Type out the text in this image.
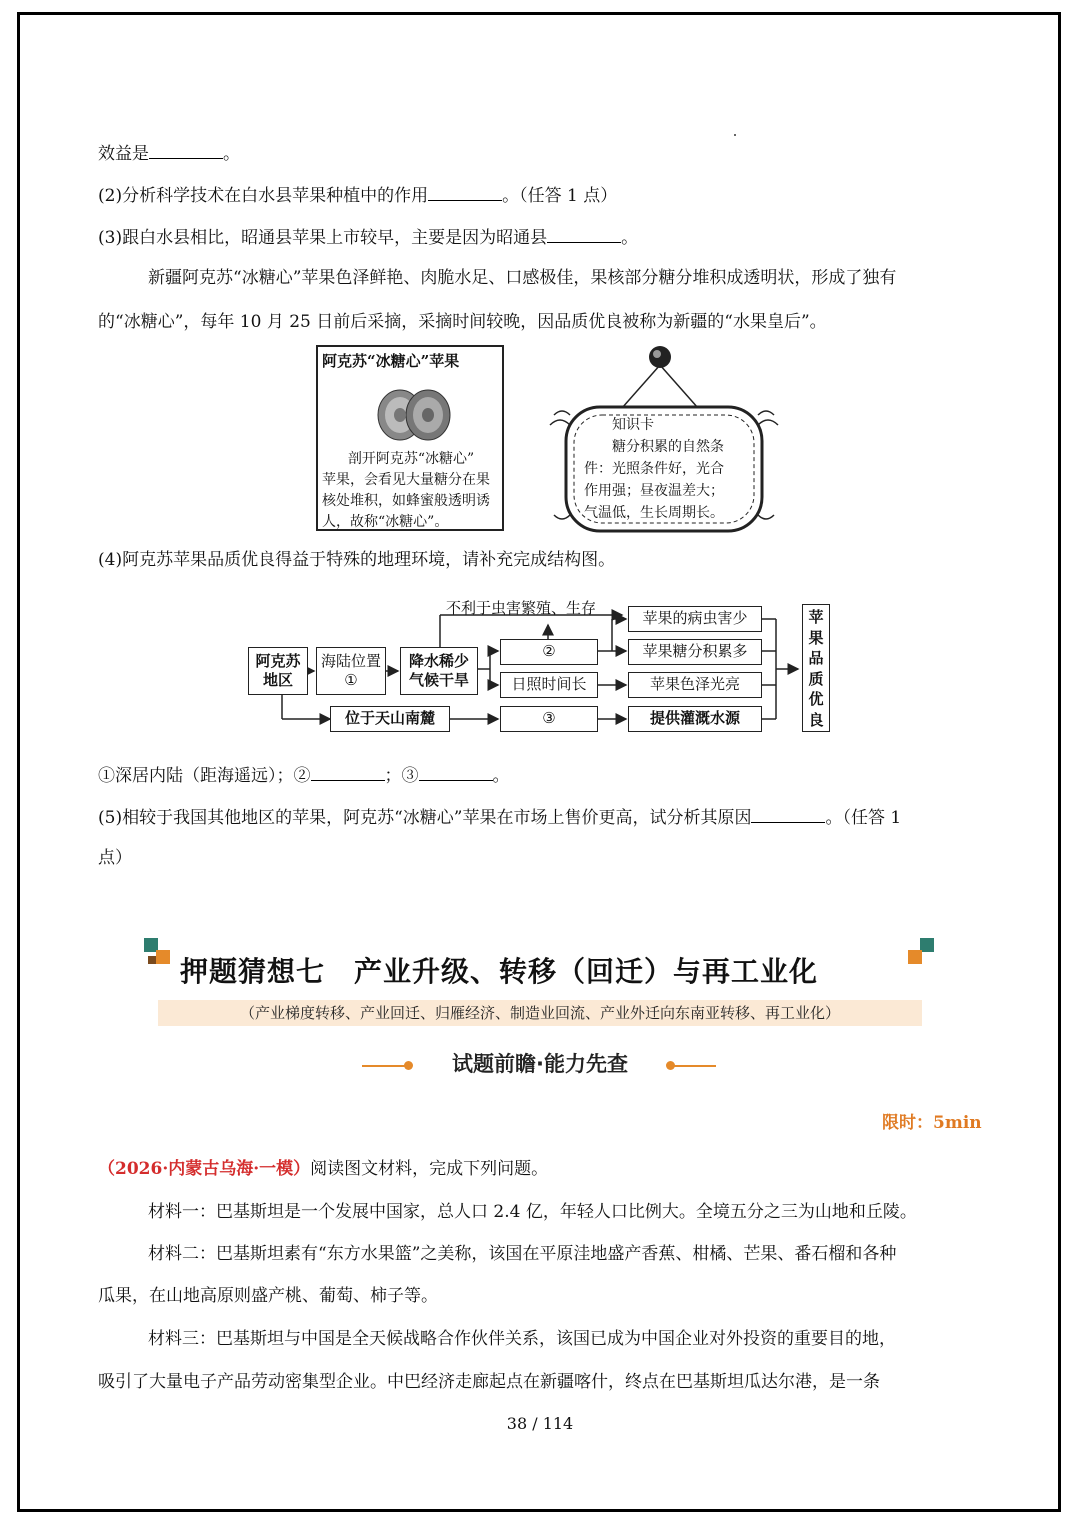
效益是	。
(2)分析科学技术在白水县苹果种植中的作用	。（任答 1 点）
(3)跟白水县相比，昭通县苹果上市较早，主要是因为昭通县	。
新疆阿克苏“冰糖心”苹果色泽鲜艳、肉脆水足、口感极佳，果核部分糖分堆积成透明状，形成了独有
的“冰糖心”，每年 10 月 25 日前后采摘，采摘时间较晚，因品质优良被称为新疆的“水果皇后”。
阿克苏“冰糖心”苹果
剖开阿克苏“冰糖心”
苹果，会看见大量糖分在果
核处堆积，如蜂蜜般透明诱
人，故称“冰糖心”。
知识卡
糖分积累的自然条
件：光照条件好，光合
作用强；昼夜温差大；
气温低，生长周期长。
(4)阿克苏苹果品质优良得益于特殊的地理环境，请补充完成结构图。
不利于虫害繁殖、生存
阿克苏
地区
海陆位置
①
降水稀少
气候干旱
②
日照时间长
位于天山南麓	③
苹果的病虫害少
苹果糖分积累多
苹果色泽光亮
提供灌溉水源
苹
果
品
质
优
良
①深居内陆（距海遥远）；②	；③	。
(5)相较于我国其他地区的苹果，阿克苏“冰糖心”苹果在市场上售价更高，试分析其原因	。（任答 1
点）
押题猜想七　产业升级、转移（回迁）与再工业化
（产业梯度转移、产业回迁、归雁经济、制造业回流、产业外迁向东南亚转移、再工业化）
试题前瞻·能力先查
限时：5min
（2026·内蒙古乌海·一模）阅读图文材料，完成下列问题。
材料一：巴基斯坦是一个发展中国家，总人口 2.4 亿，年轻人口比例大。全境五分之三为山地和丘陵。
材料二：巴基斯坦素有“东方水果篮”之美称，该国在平原洼地盛产香蕉、柑橘、芒果、番石榴和各种
瓜果，在山地高原则盛产桃、葡萄、柿子等。
材料三：巴基斯坦与中国是全天候战略合作伙伴关系，该国已成为中国企业对外投资的重要目的地，
吸引了大量电子产品劳动密集型企业。中巴经济走廊起点在新疆喀什，终点在巴基斯坦瓜达尔港，是一条
38 / 114
